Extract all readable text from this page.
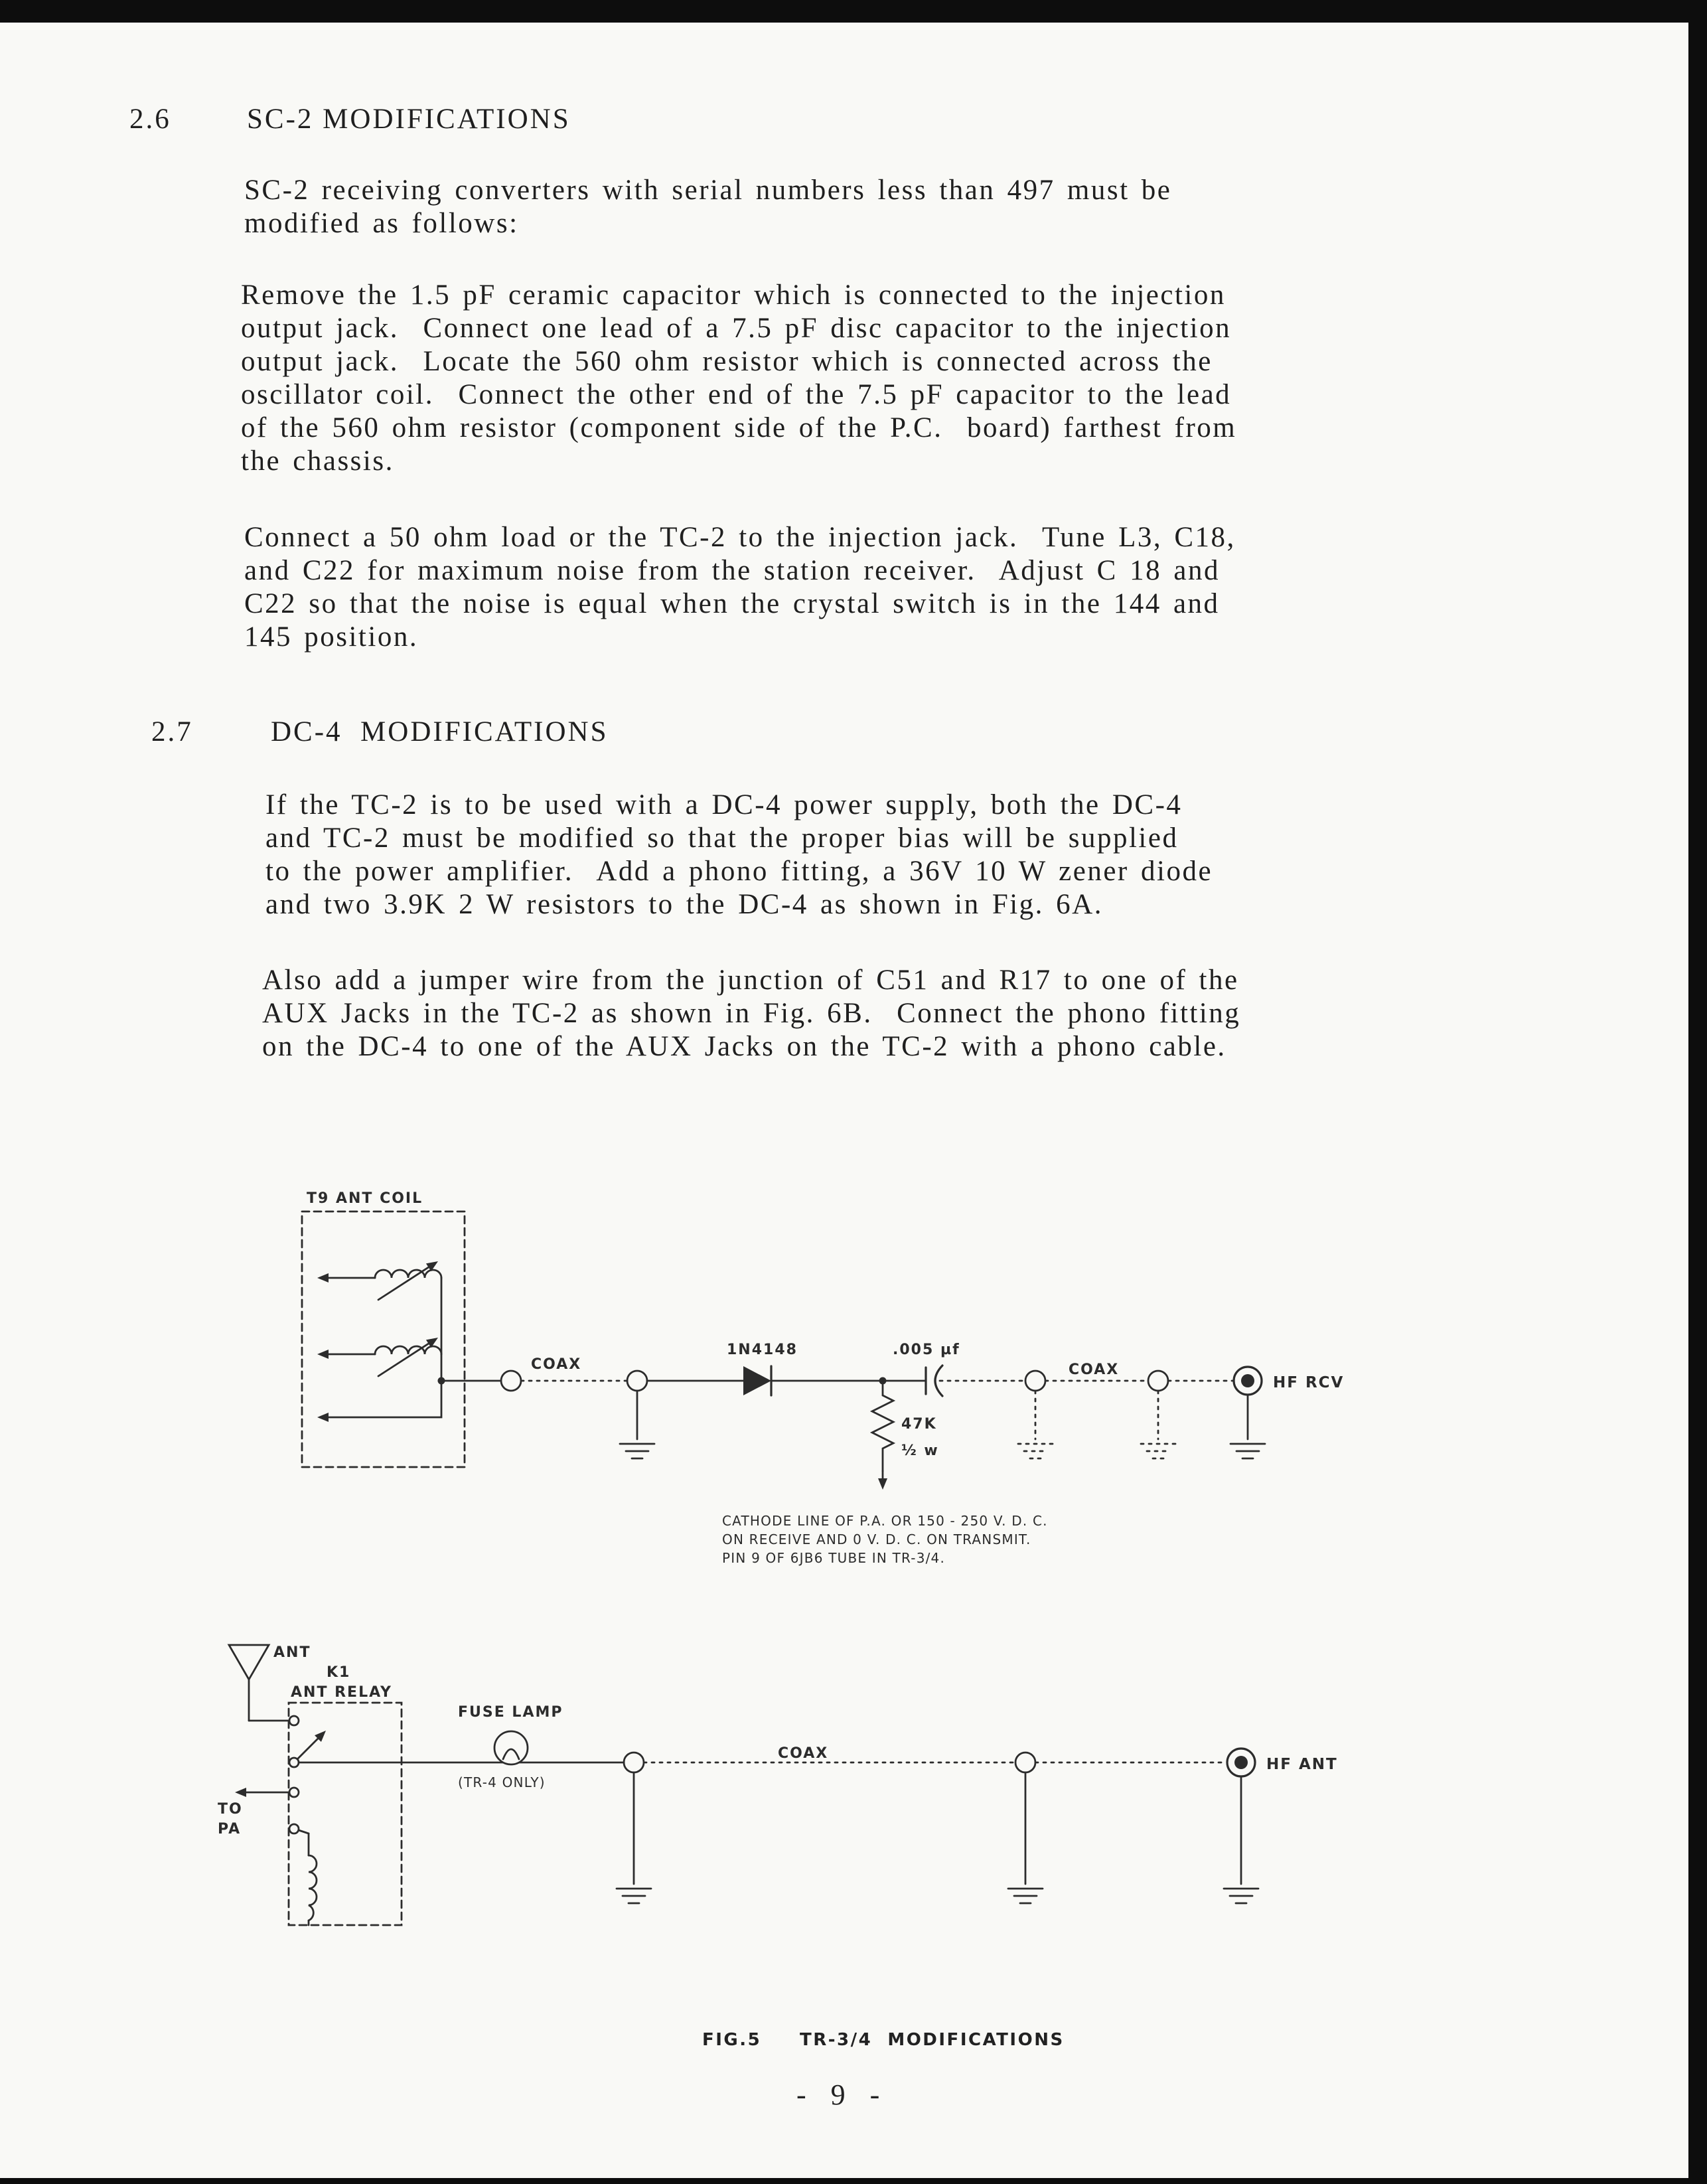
2.6	SC-2 MODIFICATIONS
SC-2 receiving converters with serial numbers less than 497 must be
modified as follows:
Remove the 1.5 pF ceramic capacitor which is connected to the injection
output jack.  Connect one lead of a 7.5 pF disc capacitor to the injection
output jack.  Locate the 560 ohm resistor which is connected across the
oscillator coil.  Connect the other end of the 7.5 pF capacitor to the lead
of the 560 ohm resistor (component side of the P.C.  board) farthest from
the chassis.
Connect a 50 ohm load or the TC-2 to the injection jack.  Tune L3, C18,
and C22 for maximum noise from the station receiver.  Adjust C 18 and
C22 so that the noise is equal when the crystal switch is in the 144 and
145 position.
2.7	DC-4  MODIFICATIONS
If the TC-2 is to be used with a DC-4 power supply, both the DC-4
and TC-2 must be modified so that the proper bias will be supplied
to the power amplifier.  Add a phono fitting, a 36V 10 W zener diode
and two 3.9K 2 W resistors to the DC-4 as shown in Fig. 6A.
Also add a jumper wire from the junction of C51 and R17 to one of the
AUX Jacks in the TC-2 as shown in Fig. 6B.  Connect the phono fitting
on the DC-4 to one of the AUX Jacks on the TC-2 with a phono cable.
T9 ANT COIL
COAX
1N4148
47K
½ w
.005 µf
COAX
HF RCV
CATHODE LINE OF P.A. OR 150 - 250 V. D. C.
ON RECEIVE AND 0 V. D. C. ON TRANSMIT.
PIN 9 OF 6JB6 TUBE IN TR-3/4.
ANT
K1
ANT RELAY
TO
PA
FUSE LAMP
(TR-4 ONLY)
COAX
HF ANT
FIG.5     TR-3/4  MODIFICATIONS
- 9 -
